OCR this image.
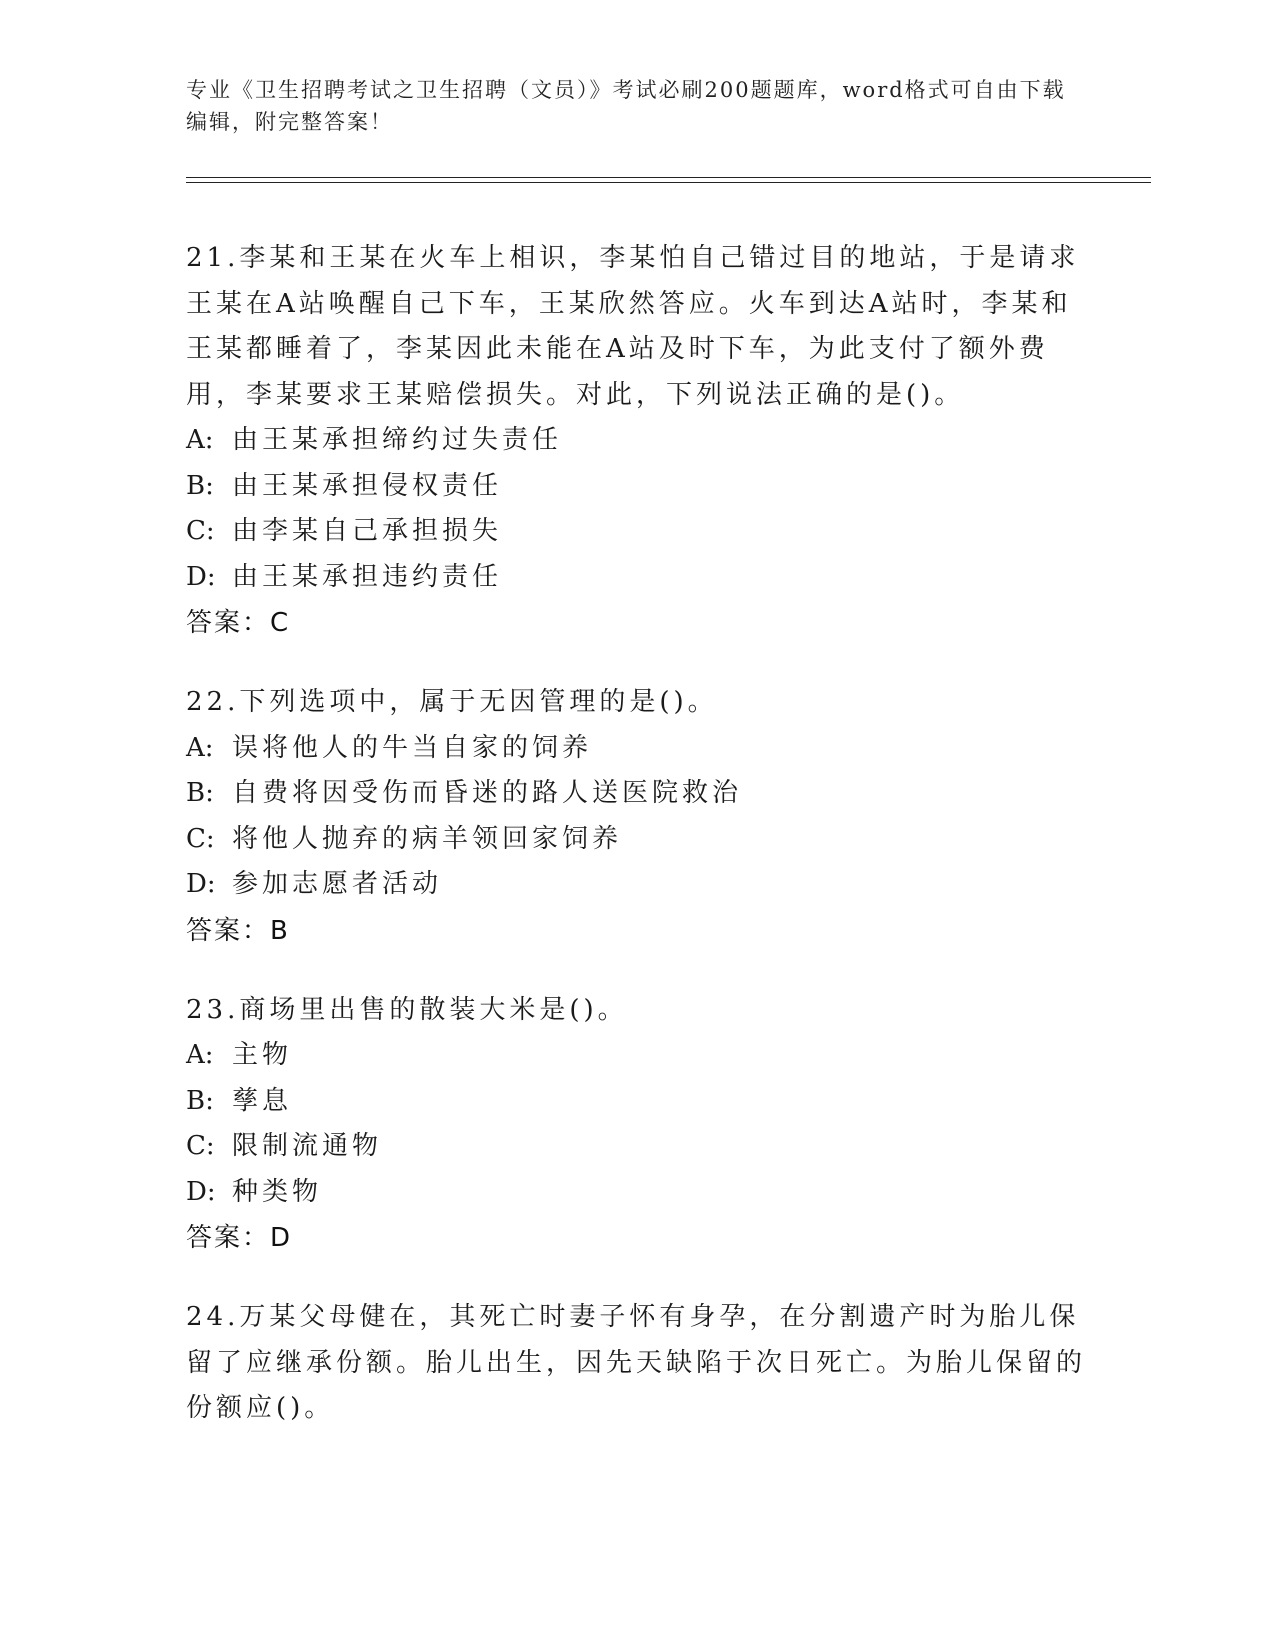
专业《卫生招聘考试之卫生招聘（文员）》考试必刷200题题库，word格式可自由下载编辑，附完整答案！

21.李某和王某在火车上相识，李某怕自己错过目的地站，于是请求王某在A站唤醒自己下车，王某欣然答应。火车到达A站时，李某和王某都睡着了，李某因此未能在A站及时下车，为此支付了额外费用，李某要求王某赔偿损失。对此，下列说法正确的是()。

A: 由王某承担缔约过失责任

B: 由王某承担侵权责任

C: 由李某自己承担损失

D: 由王某承担违约责任

答案：C

22.下列选项中，属于无因管理的是()。

A: 误将他人的牛当自家的饲养

B: 自费将因受伤而昏迷的路人送医院救治

C: 将他人抛弃的病羊领回家饲养

D: 参加志愿者活动

答案：B

23.商场里出售的散装大米是()。

A: 主物

B: 孳息

C: 限制流通物

D: 种类物

答案：D

24.万某父母健在，其死亡时妻子怀有身孕，在分割遗产时为胎儿保留了应继承份额。胎儿出生，因先天缺陷于次日死亡。为胎儿保留的份额应()。
